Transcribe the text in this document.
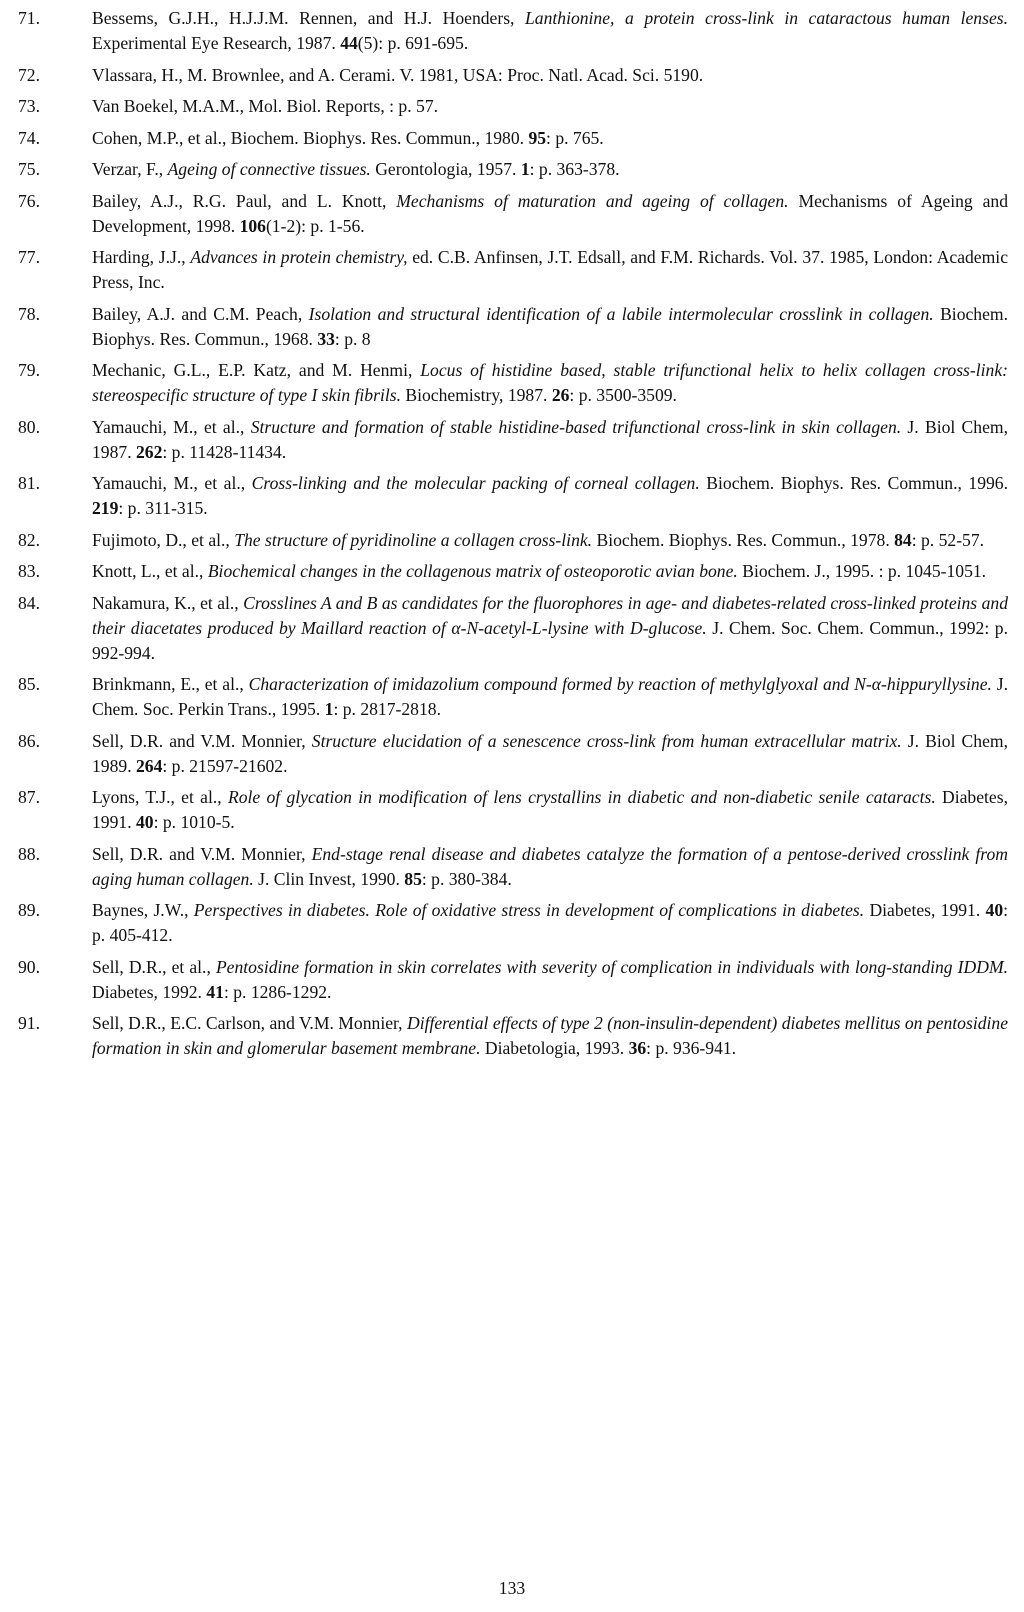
71.	Bessems, G.J.H., H.J.J.M. Rennen, and H.J. Hoenders, Lanthionine, a protein cross-link in cataractous human lenses. Experimental Eye Research, 1987. 44(5): p. 691-695.
72.	Vlassara, H., M. Brownlee, and A. Cerami. V. 1981, USA: Proc. Natl. Acad. Sci. 5190.
73.	Van Boekel, M.A.M., Mol. Biol. Reports, : p. 57.
74.	Cohen, M.P., et al., Biochem. Biophys. Res. Commun., 1980. 95: p. 765.
75.	Verzar, F., Ageing of connective tissues. Gerontologia, 1957. 1: p. 363-378.
76.	Bailey, A.J., R.G. Paul, and L. Knott, Mechanisms of maturation and ageing of collagen. Mechanisms of Ageing and Development, 1998. 106(1-2): p. 1-56.
77.	Harding, J.J., Advances in protein chemistry, ed. C.B. Anfinsen, J.T. Edsall, and F.M. Richards. Vol. 37. 1985, London: Academic Press, Inc.
78.	Bailey, A.J. and C.M. Peach, Isolation and structural identification of a labile intermolecular crosslink in collagen. Biochem. Biophys. Res. Commun., 1968. 33: p. 8
79.	Mechanic, G.L., E.P. Katz, and M. Henmi, Locus of histidine based, stable trifunctional helix to helix collagen cross-link: stereospecific structure of type I skin fibrils. Biochemistry, 1987. 26: p. 3500-3509.
80.	Yamauchi, M., et al., Structure and formation of stable histidine-based trifunctional cross-link in skin collagen. J. Biol Chem, 1987. 262: p. 11428-11434.
81.	Yamauchi, M., et al., Cross-linking and the molecular packing of corneal collagen. Biochem. Biophys. Res. Commun., 1996. 219: p. 311-315.
82.	Fujimoto, D., et al., The structure of pyridinoline a collagen cross-link. Biochem. Biophys. Res. Commun., 1978. 84: p. 52-57.
83.	Knott, L., et al., Biochemical changes in the collagenous matrix of osteoporotic avian bone. Biochem. J., 1995. : p. 1045-1051.
84.	Nakamura, K., et al., Crosslines A and B as candidates for the fluorophores in age- and diabetes-related cross-linked proteins and their diacetates produced by Maillard reaction of α-N-acetyl-L-lysine with D-glucose. J. Chem. Soc. Chem. Commun., 1992: p. 992-994.
85.	Brinkmann, E., et al., Characterization of imidazolium compound formed by reaction of methylglyoxal and N-α-hippuryllysine. J. Chem. Soc. Perkin Trans., 1995. 1: p. 2817-2818.
86.	Sell, D.R. and V.M. Monnier, Structure elucidation of a senescence cross-link from human extracellular matrix. J. Biol Chem, 1989. 264: p. 21597-21602.
87.	Lyons, T.J., et al., Role of glycation in modification of lens crystallins in diabetic and non-diabetic senile cataracts. Diabetes, 1991. 40: p. 1010-5.
88.	Sell, D.R. and V.M. Monnier, End-stage renal disease and diabetes catalyze the formation of a pentose-derived crosslink from aging human collagen. J. Clin Invest, 1990. 85: p. 380-384.
89.	Baynes, J.W., Perspectives in diabetes. Role of oxidative stress in development of complications in diabetes. Diabetes, 1991. 40: p. 405-412.
90.	Sell, D.R., et al., Pentosidine formation in skin correlates with severity of complication in individuals with long-standing IDDM. Diabetes, 1992. 41: p. 1286-1292.
91.	Sell, D.R., E.C. Carlson, and V.M. Monnier, Differential effects of type 2 (non-insulin-dependent) diabetes mellitus on pentosidine formation in skin and glomerular basement membrane. Diabetologia, 1993. 36: p. 936-941.
133
